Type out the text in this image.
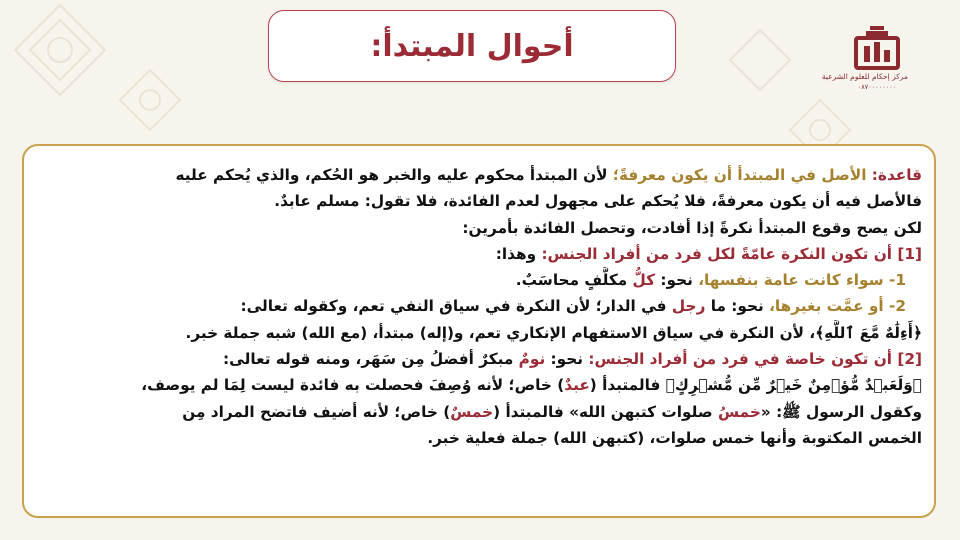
أحوال المبتدأ:
مركز إحكام للعلوم الشرعية
٠٨٧٠٠٠٠٠٠٠٠
قاعدة: الأصل في المبتدأ أن يكون معرفةً؛ لأن المبتدأ محكوم عليه والخبر هو الحُكم، والذي يُحكم عليه
فالأصل فيه أن يكون معرفةً، فلا يُحكم على مجهول لعدم الفائدة، فلا تقول: مسلم عابدٌ.
لكن يصح وقوع المبتدأ نكرةً إذا أفادت، وتحصل الفائدة بأمرين:
[1] أن تكون النكرة عامّةً لكل فرد من أفراد الجنس: وهذا:
1- سواء كانت عامة بنفسها، نحو: كلُّ مكلَّفٍ محاسَبٌ.
2- أو عمَّت بغيرها، نحو: ما رجل في الدار؛ لأن النكرة في سياق النفي تعم، وكقوله تعالى:
﴿أَءِلَٰهٌ مَّعَ ٱللَّهِ﴾، لأن النكرة في سياق الاستفهام الإنكاري تعم، و(إله) مبتدأ، (مع الله) شبه جملة خبر.
[2] أن تكون خاصة في فرد من أفراد الجنس: نحو: نومٌ مبكرٌ أفضلُ مِن سَهَر، ومنه قوله تعالى:
﴿وَلَعَبۡدٌ مُّؤۡمِنٌ خَيۡرٌ مِّن مُّشۡرِكٍ﴾ فالمتبدأ (عبدٌ) خاص؛ لأنه وُصِفَ فحصلت به فائدة ليست لِمَا لم يوصف،
وكقول الرسول ﷺ: «خمسُ صلوات كتبهن الله» فالمبتدأ (خمسٌ) خاص؛ لأنه أضيف فاتضح المراد مِن
الخمس المكتوبة وأنها خمس صلوات، (كتبهن الله) جملة فعلية خبر.
